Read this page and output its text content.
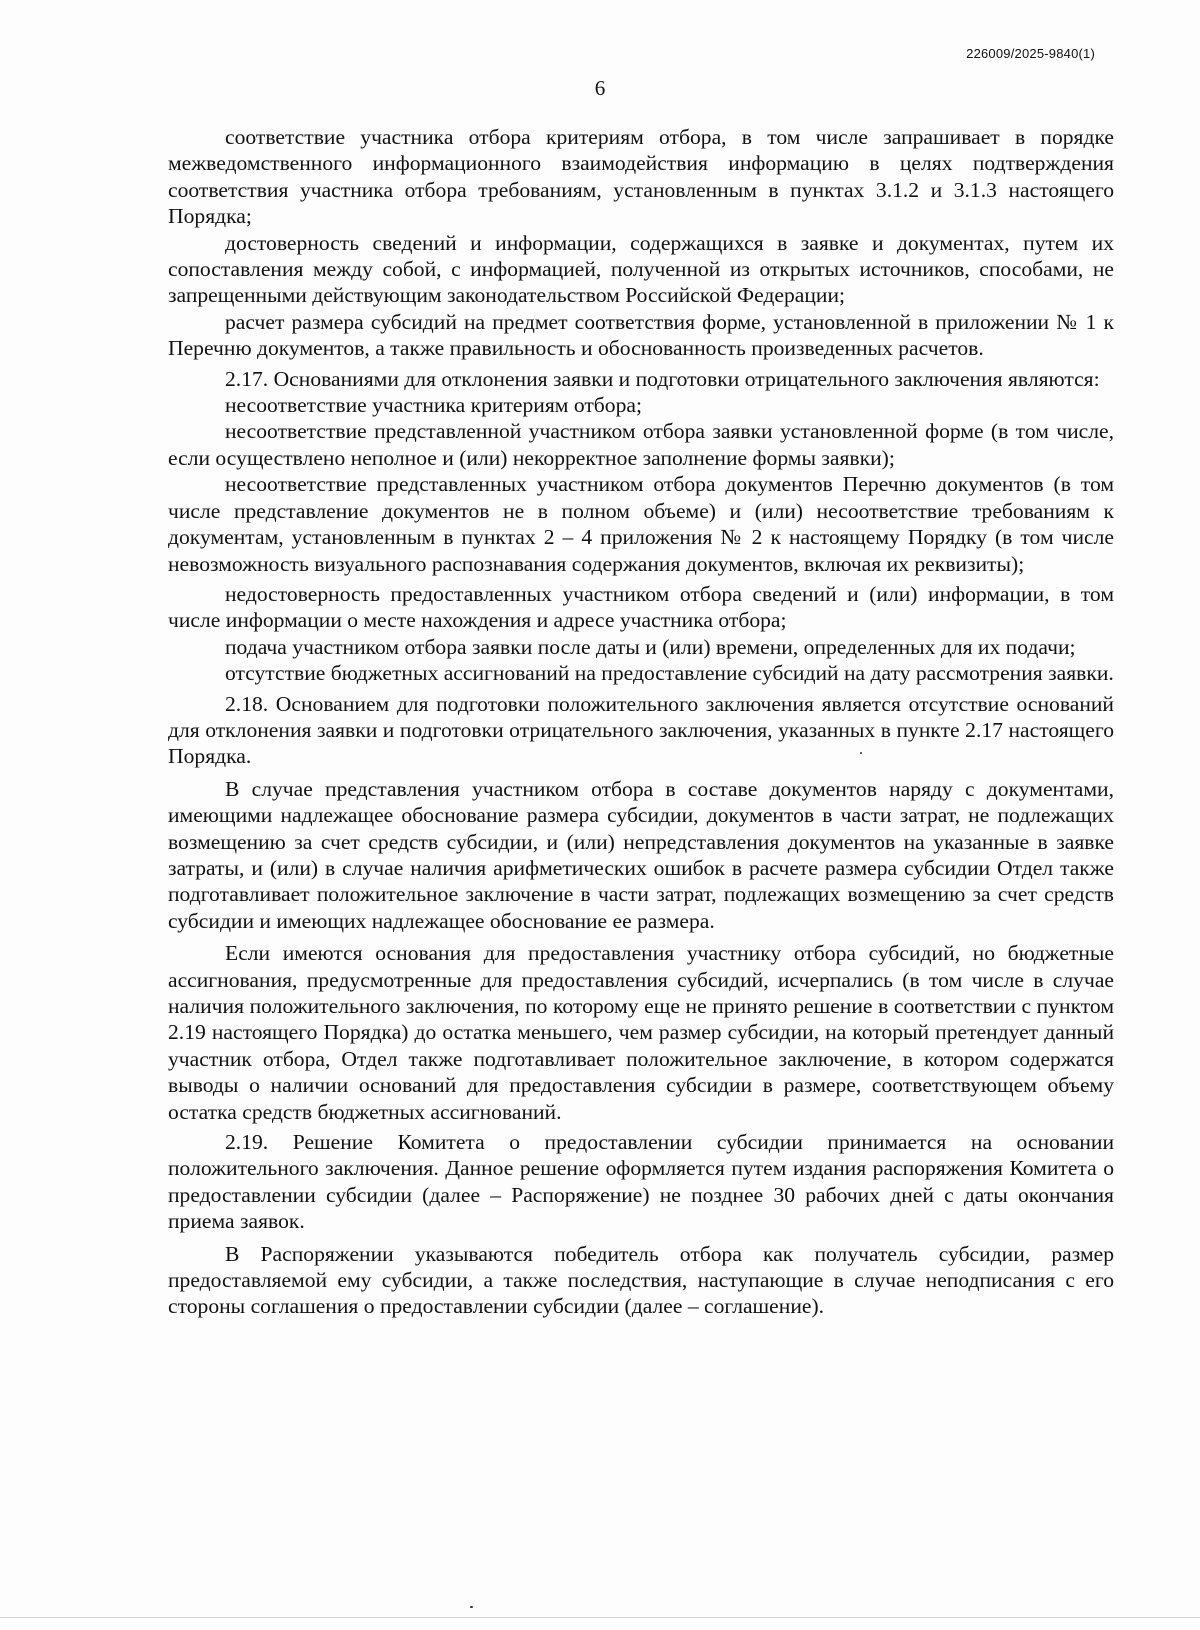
226009/2025-9840(1)
6

соответствие участника отбора критериям отбора, в том числе запрашивает в порядке межведомственного информационного взаимодействия информацию в целях подтверждения соответствия участника отбора требованиям, установленным в пунктах 3.1.2 и 3.1.3 настоящего Порядка;

достоверность сведений и информации, содержащихся в заявке и документах, путем их сопоставления между собой, с информацией, полученной из открытых источников, способами, не запрещенными действующим законодательством Российской Федерации;

расчет размера субсидий на предмет соответствия форме, установленной в приложении № 1 к Перечню документов, а также правильность и обоснованность произведенных расчетов.

2.17. Основаниями для отклонения заявки и подготовки отрицательного заключения являются:

несоответствие участника критериям отбора;

несоответствие представленной участником отбора заявки установленной форме (в том числе, если осуществлено неполное и (или) некорректное заполнение формы заявки);

несоответствие представленных участником отбора документов Перечню документов (в том числе представление документов не в полном объеме) и (или) несоответствие требованиям к документам, установленным в пунктах 2 – 4 приложения № 2 к настоящему Порядку (в том числе невозможность визуального распознавания содержания документов, включая их реквизиты);

недостоверность предоставленных участником отбора сведений и (или) информации, в том числе информации о месте нахождения и адресе участника отбора;

подача участником отбора заявки после даты и (или) времени, определенных для их подачи;

отсутствие бюджетных ассигнований на предоставление субсидий на дату рассмотрения заявки.

2.18. Основанием для подготовки положительного заключения является отсутствие оснований для отклонения заявки и подготовки отрицательного заключения, указанных в пункте 2.17 настоящего Порядка.

В случае представления участником отбора в составе документов наряду с документами, имеющими надлежащее обоснование размера субсидии, документов в части затрат, не подлежащих возмещению за счет средств субсидии, и (или) непредставления документов на указанные в заявке затраты, и (или) в случае наличия арифметических ошибок в расчете размера субсидии Отдел также подготавливает положительное заключение в части затрат, подлежащих возмещению за счет средств субсидии и имеющих надлежащее обоснование ее размера.

Если имеются основания для предоставления участнику отбора субсидий, но бюджетные ассигнования, предусмотренные для предоставления субсидий, исчерпались (в том числе в случае наличия положительного заключения, по которому еще не принято решение в соответствии с пунктом 2.19 настоящего Порядка) до остатка меньшего, чем размер субсидии, на который претендует данный участник отбора, Отдел также подготавливает положительное заключение, в котором содержатся выводы о наличии оснований для предоставления субсидии в размере, соответствующем объему остатка средств бюджетных ассигнований.

2.19. Решение Комитета о предоставлении субсидии принимается на основании положительного заключения. Данное решение оформляется путем издания распоряжения Комитета о предоставлении субсидии (далее – Распоряжение) не позднее 30 рабочих дней с даты окончания приема заявок.

В Распоряжении указываются победитель отбора как получатель субсидии, размер предоставляемой ему субсидии, а также последствия, наступающие в случае неподписания с его стороны соглашения о предоставлении субсидии (далее – соглашение).
